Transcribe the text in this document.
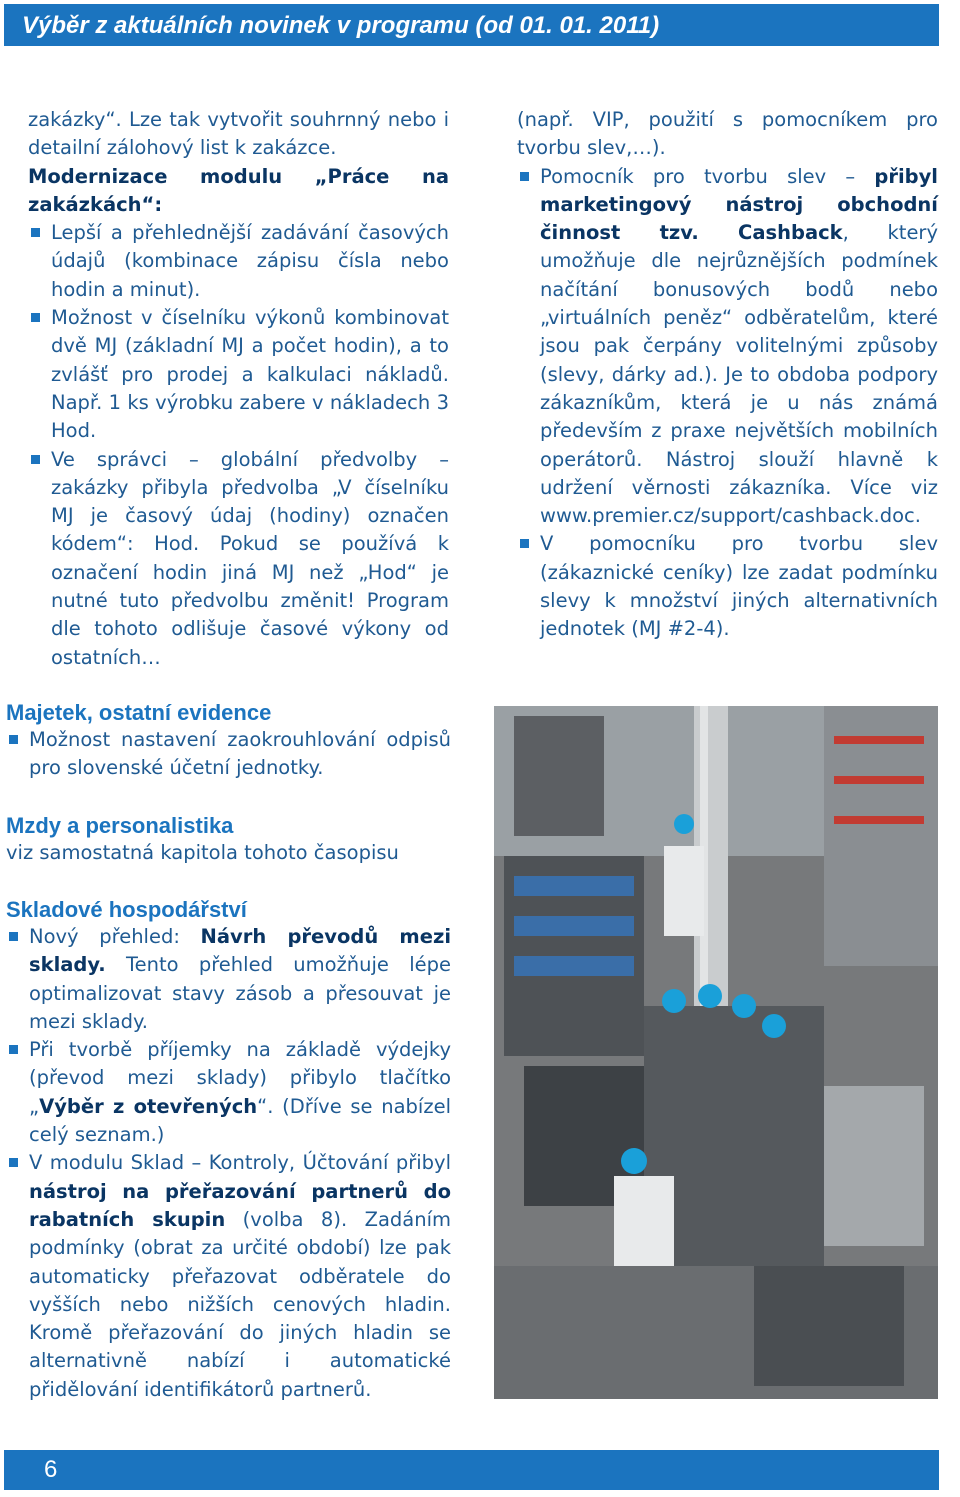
Výběr z aktuálních novinek v programu (od 01. 01. 2011)

zakázky“. Lze tak vytvořit souhrnný nebo i detailní zálohový list k zakázce.

Modernizace modulu „Práce na zakázkách“:

Lepší a přehlednější zadávání časových údajů (kombinace zápisu čísla nebo hodin a minut).
Možnost v číselníku výkonů kombinovat dvě MJ (základní MJ a počet hodin), a to zvlášť pro prodej a kalkulaci nákladů. Např. 1 ks výrobku zabere v nákladech 3 Hod.
Ve správci – globální předvolby – zakázky přibyla předvolba „V číselníku MJ je časový údaj (hodiny) označen kódem“: Hod. Pokud se používá k označení hodin jiná MJ než „Hod“ je nutné tuto předvolbu změnit! Program dle tohoto odlišuje časové výkony od ostatních…
Majetek, ostatní evidence
Možnost nastavení zaokrouhlování odpisů pro slovenské účetní jednotky.
Mzdy a personalistika

viz samostatná kapitola tohoto časopisu

Skladové hospodářství
Nový přehled: Návrh převodů mezi sklady. Tento přehled umožňuje lépe optimalizovat stavy zásob a přesouvat je mezi sklady.
Při tvorbě příjemky na základě výdejky (převod mezi sklady) přibylo tlačítko „Výběr z otevřených“. (Dříve se nabízel celý seznam.)
V modulu Sklad – Kontroly, Účtování přibyl nástroj na přeřazování partnerů do rabatních skupin (volba 8). Zadáním podmínky (obrat za určité období) lze pak automaticky přeřazovat odběratele do vyšších nebo nižších cenových hladin. Kromě přeřazování do jiných hladin se alternativně nabízí i automatické přidělování identifikátorů partnerů.

(např. VIP, použití s pomocníkem pro tvorbu slev,…).

Pomocník pro tvorbu slev – přibyl marketingový nástroj obchodní činnost tzv. Cashback, který umožňuje dle nejrůznějších podmínek načítání bonusových bodů nebo „virtuálních peněz“ odběratelům, které jsou pak čerpány volitelnými způsoby (slevy, dárky ad.). Je to obdoba podpory zákazníkům, která je u nás známá především z praxe největších mobilních operátorů. Nástroj slouží hlavně k udržení věrnosti zákazníka. Více viz www.premier.cz/support/cashback.doc.
V pomocníku pro tvorbu slev (zákaznické ceníky) lze zadat podmínku slevy k množství jiných alternativních jednotek (MJ #2-4).
6
